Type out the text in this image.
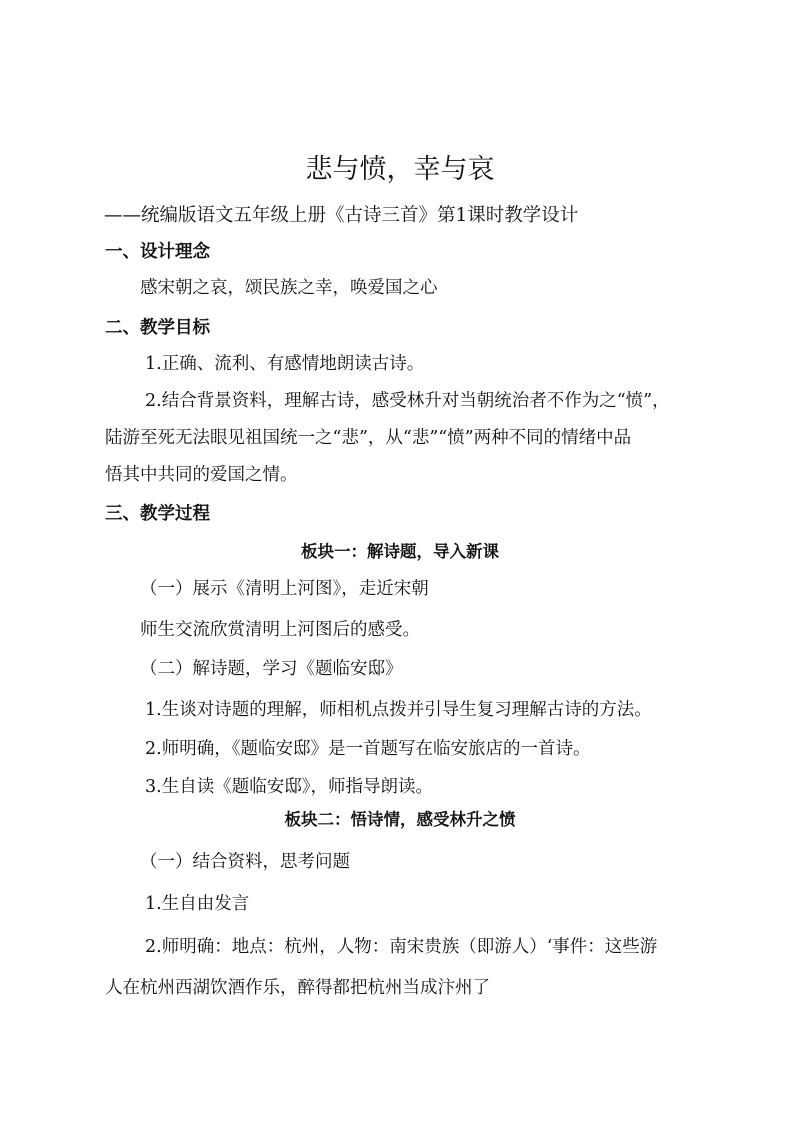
悲与愤，幸与哀
——统编版语文五年级上册《古诗三首》第1课时教学设计
一、设计理念
感宋朝之哀，颂民族之幸，唤爱国之心
二、教学目标
1.正确、流利、有感情地朗读古诗。
2.结合背景资料，理解古诗，感受林升对当朝统治者不作为之“愤”，
陆游至死无法眼见祖国统一之“悲”，从“悲”“愤”两种不同的情绪中品
悟其中共同的爱国之情。
三、教学过程
板块一：解诗题，导入新课
（一）展示《清明上河图》，走近宋朝
师生交流欣赏清明上河图后的感受。
（二）解诗题，学习《题临安邸》
1.生谈对诗题的理解，师相机点拨并引导生复习理解古诗的方法。
2.师明确，《题临安邸》是一首题写在临安旅店的一首诗。
3.生自读《题临安邸》，师指导朗读。
板块二：悟诗情，感受林升之愤
（一）结合资料，思考问题
1.生自由发言
2.师明确：地点：杭州，人物：南宋贵族（即游人）‘事件：这些游
人在杭州西湖饮酒作乐，醉得都把杭州当成汴州了
